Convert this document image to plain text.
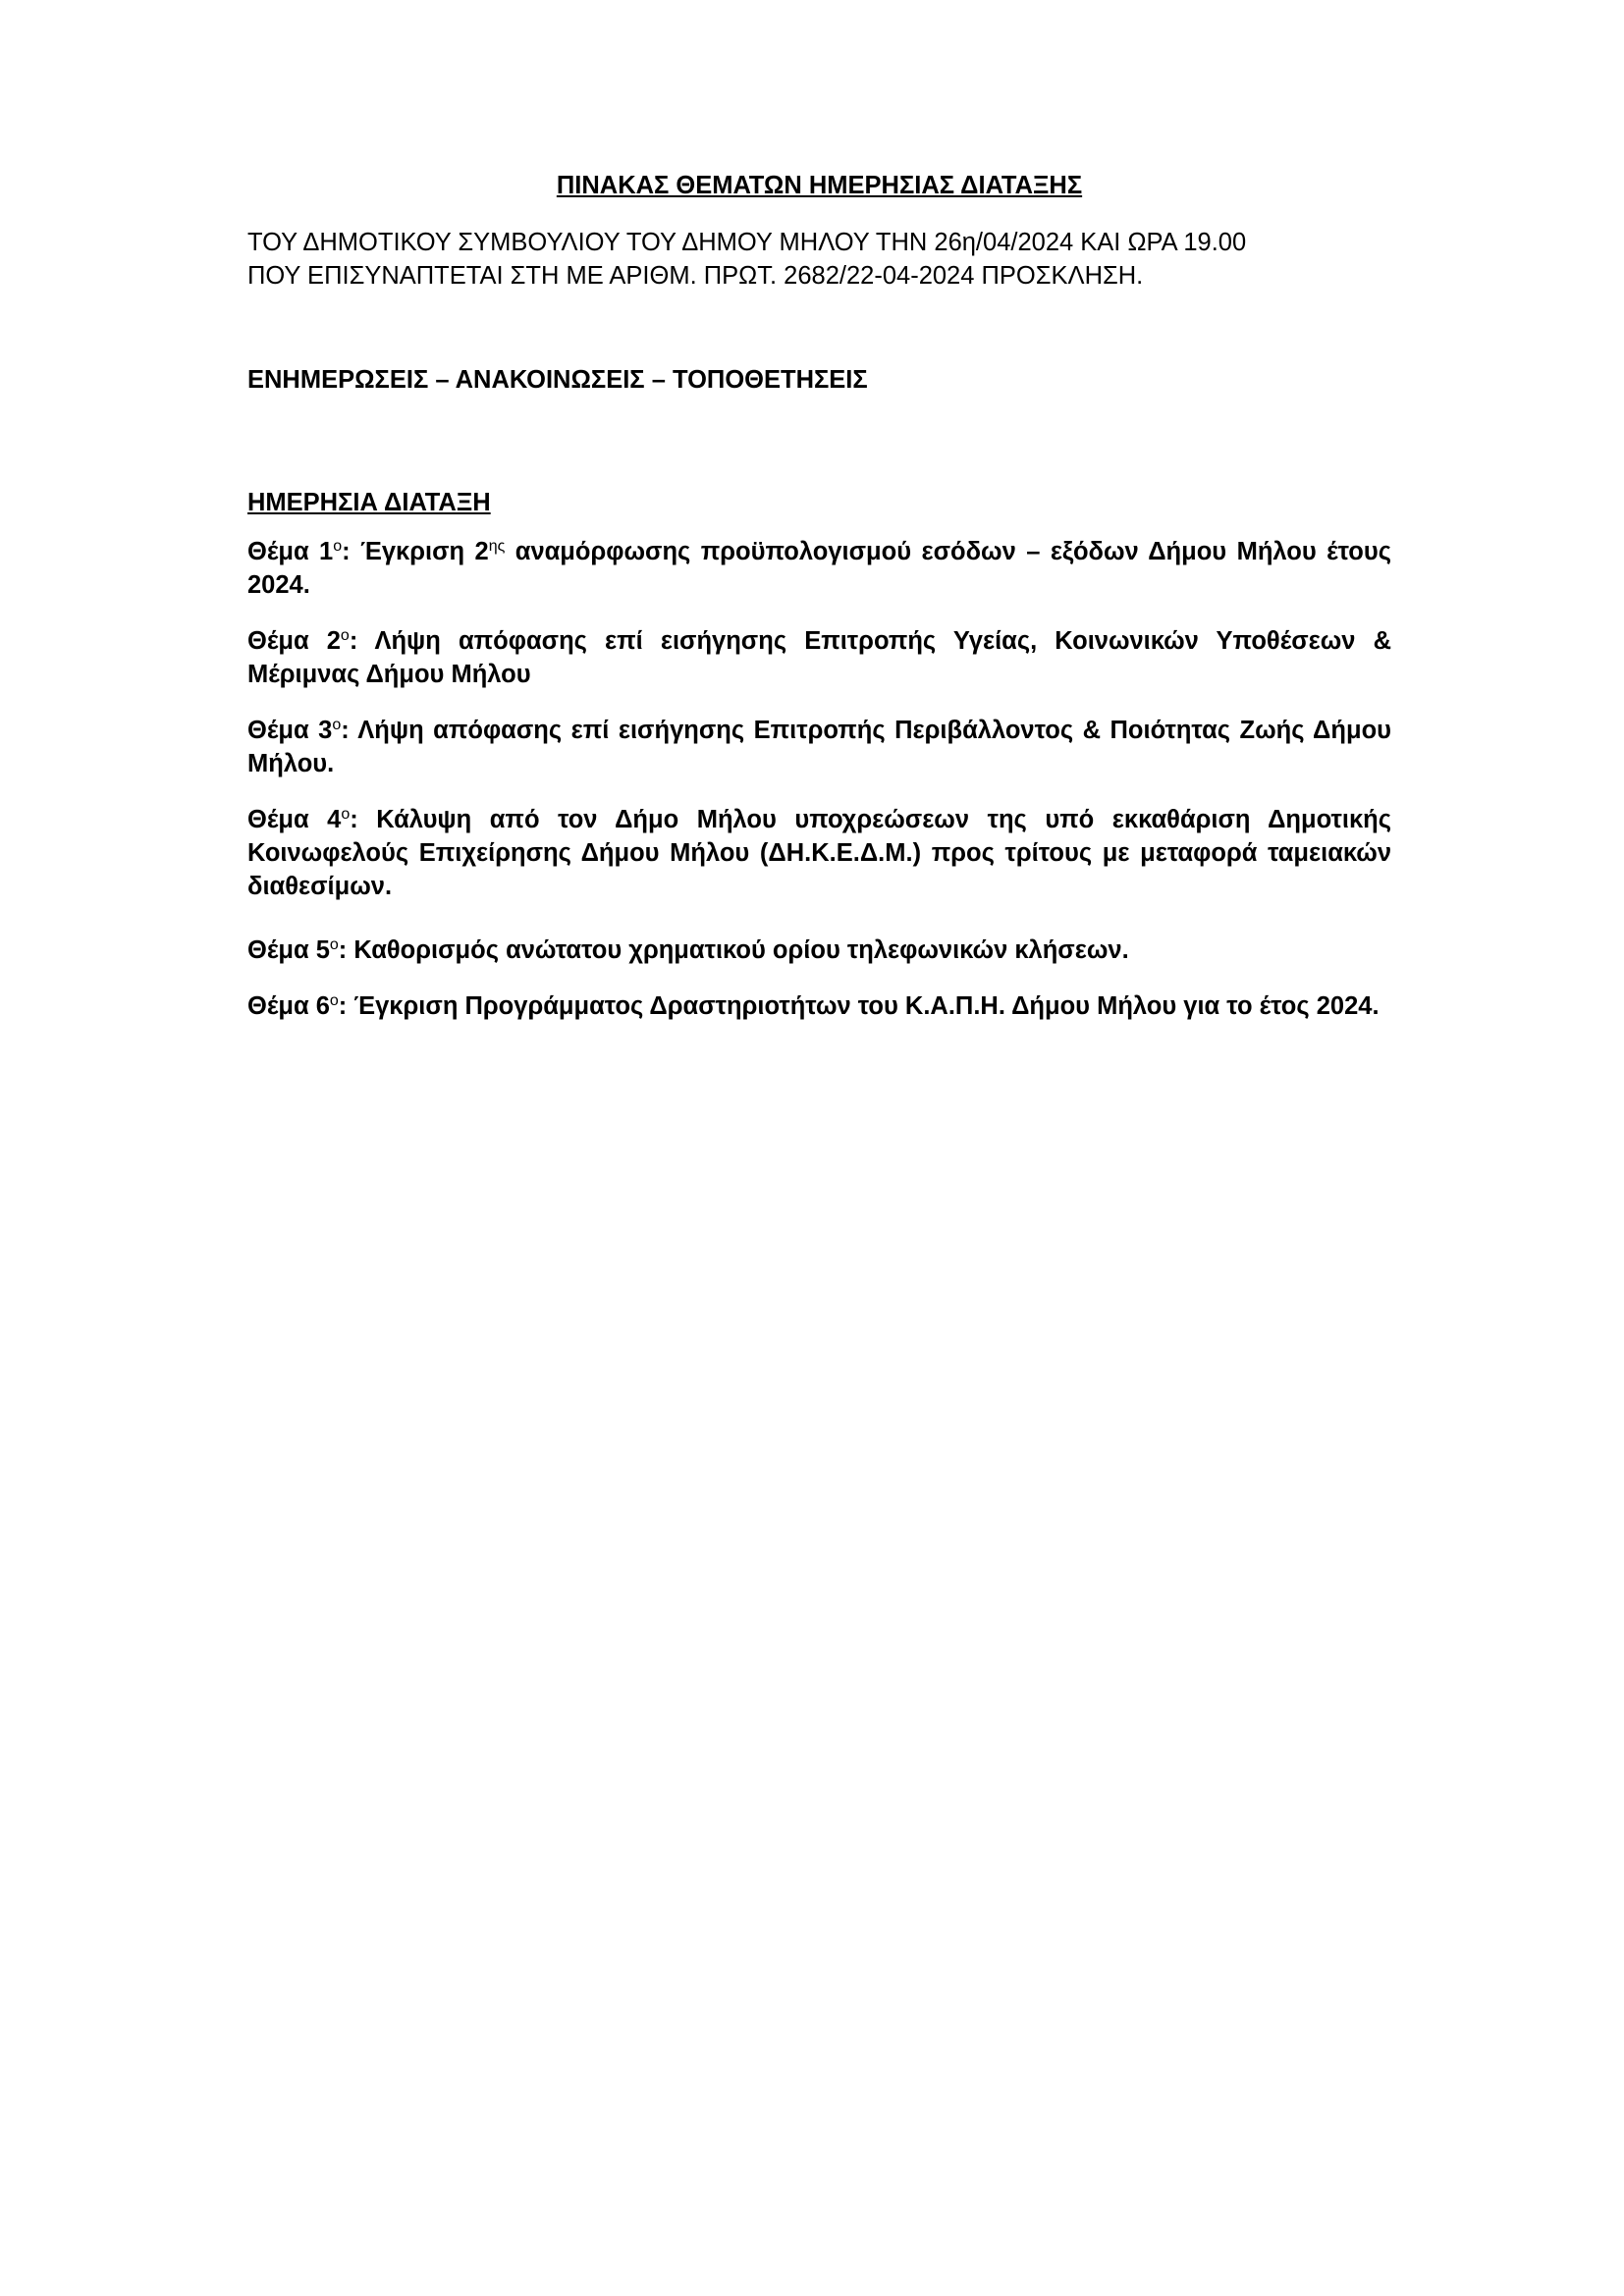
ΠΙΝΑΚΑΣ ΘΕΜΑΤΩΝ ΗΜΕΡΗΣΙΑΣ ΔΙΑΤΑΞΗΣ
ΤΟΥ ΔΗΜΟΤΙΚΟΥ ΣΥΜΒΟΥΛΙΟΥ ΤΟΥ ΔΗΜΟΥ ΜΗΛΟΥ ΤΗΝ 26η/04/2024 ΚΑΙ ΩΡΑ 19.00
ΠΟΥ ΕΠΙΣΥΝΑΠΤΕΤΑΙ ΣΤΗ ΜΕ ΑΡΙΘΜ. ΠΡΩΤ. 2682/22-04-2024 ΠΡΟΣΚΛΗΣΗ.
ΕΝΗΜΕΡΩΣΕΙΣ – ΑΝΑΚΟΙΝΩΣΕΙΣ – ΤΟΠΟΘΕΤΗΣΕΙΣ
ΗΜΕΡΗΣΙΑ ΔΙΑΤΑΞΗ
Θέμα $1^o$: Έγκριση $2^{\eta\varsigma}$ αναμόρφωσης προϋπολογισμού εσόδων – εξόδων Δήμου Μήλου έτους 2024.
Θέμα $2^o$: Λήψη απόφασης επί εισήγησης Επιτροπής Υγείας, Κοινωνικών Υποθέσεων & Μέριμνας Δήμου Μήλου
Θέμα $3^o$: Λήψη απόφασης επί εισήγησης Επιτροπής Περιβάλλοντος & Ποιότητας Ζωής Δήμου Μήλου.
Θέμα $4^o$: Κάλυψη από τον Δήμο Μήλου υποχρεώσεων της υπό εκκαθάριση Δημοτικής Κοινωφελούς Επιχείρησης Δήμου Μήλου (ΔΗ.Κ.Ε.Δ.Μ.) προς τρίτους με μεταφορά ταμειακών διαθεσίμων.
Θέμα $5^o$: Καθορισμός ανώτατου χρηματικού ορίου τηλεφωνικών κλήσεων.
Θέμα $6^o$: Έγκριση Προγράμματος Δραστηριοτήτων του Κ.Α.Π.Η. Δήμου Μήλου για το έτος 2024.
